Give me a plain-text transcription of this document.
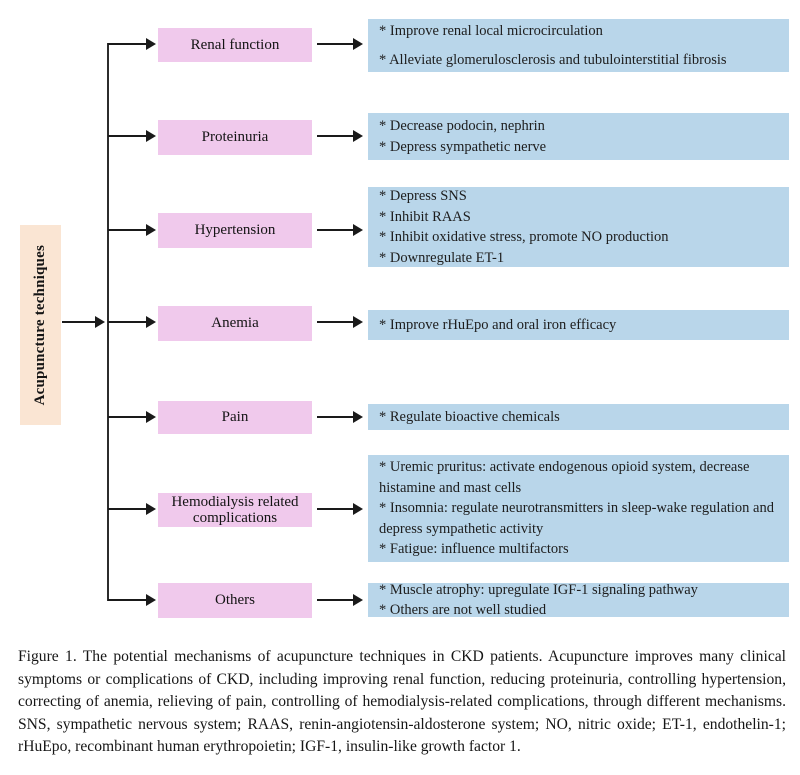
Acupuncture techniques
Renal function
* Improve renal local microcirculation
* Alleviate glomerulosclerosis and tubulointerstitial fibrosis
Proteinuria
* Decrease podocin, nephrin
* Depress sympathetic nerve
Hypertension
* Depress SNS
* Inhibit RAAS
* Inhibit oxidative stress, promote NO production
* Downregulate ET-1
Anemia	* Improve rHuEpo and oral iron efficacy
Pain	* Regulate bioactive chemicals
Hemodialysis related complications
* Uremic pruritus: activate endogenous opioid system, decrease histamine and mast cells
* Insomnia: regulate neurotransmitters in sleep-wake regulation and depress sympathetic activity
* Fatigue: influence multifactors
Others
* Muscle atrophy: upregulate IGF-1 signaling pathway
* Others are not well studied
Figure 1. The potential mechanisms of acupuncture techniques in CKD patients. Acupuncture improves many clinical symptoms or complications of CKD, including improving renal function, reducing proteinuria, controlling hypertension, correcting of anemia, relieving of pain, controlling of hemodialysis-related complications, through different mechanisms. SNS, sympathetic nervous system; RAAS, renin-angiotensin-aldosterone system; NO, nitric oxide; ET-1, endothelin-1; rHuEpo, recombinant human erythropoietin; IGF-1, insulin-like growth factor 1.
